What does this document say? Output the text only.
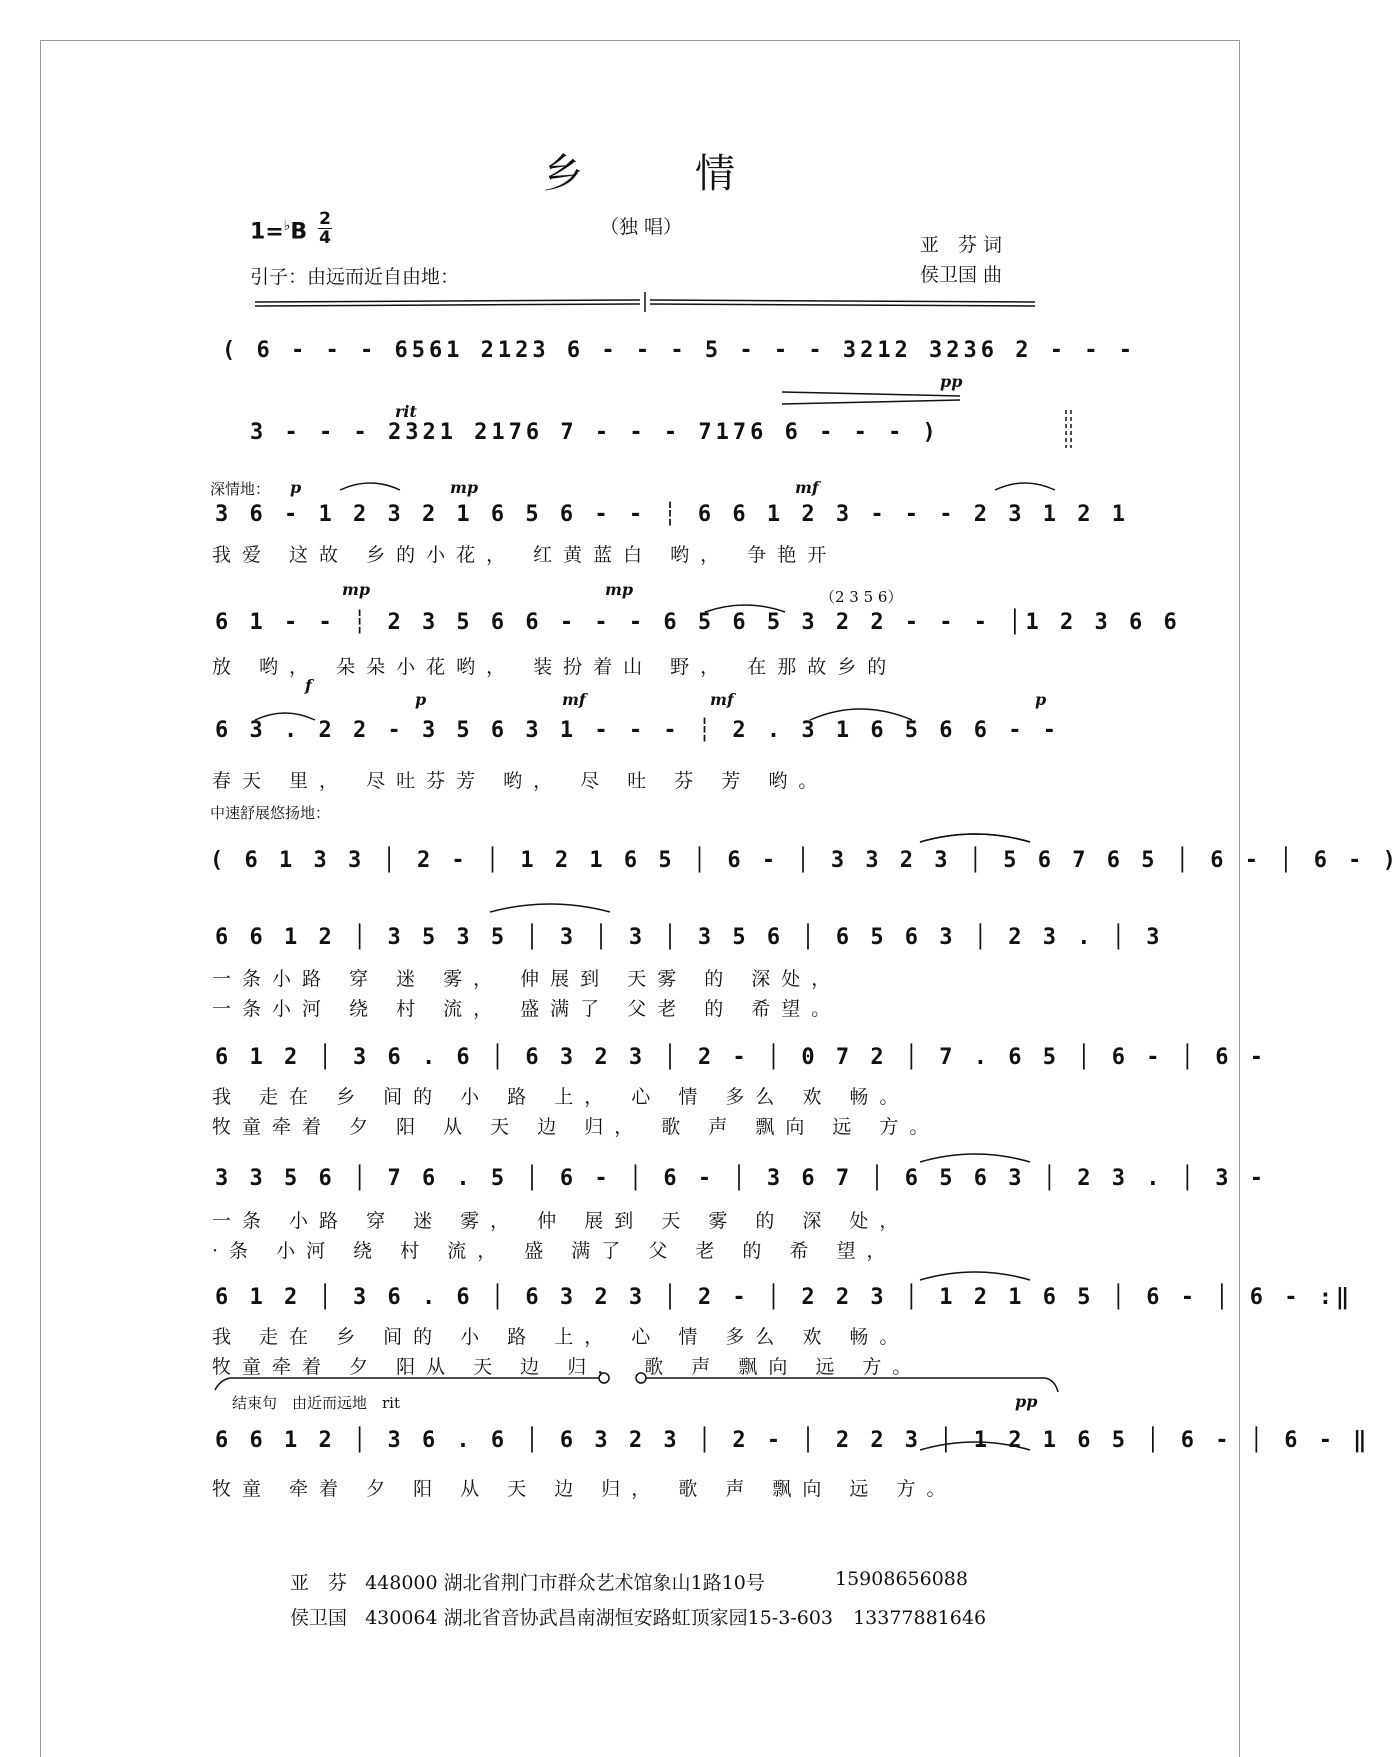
乡　情
1=♭B
2
4	（独 唱）
亚　芬 词
侯卫国 曲
引子：由远而近自由地：
rit
pp
( 6 - - - 6561 2123 6 - - - 5 - - - 3212 3236 2 - - -
3 - - - 2321 2176 7 - - - 7176 6 - - - )
深情地： p	mp	mf
3 6 - 1 2 3 2 1 6 5 6 - - ┆ 6 6 1 2 3 - - - 2 3 1 2 1
我爱 这故 乡的小花， 红黄蓝白 哟， 争艳开
mp	mp	（2 3 5 6）
6 1 - - ┆ 2 3 5 6 6 - - - 6 5 6 5 3 2 2 - - - │1 2 3 6 6
放 哟， 朵朵小花哟， 装扮着山 野， 在那故乡的
f
p	mf	mf	p
6 3 . 2 2 - 3 5 6 3 1 - - - ┆ 2 . 3 1 6 5 6 6 - -
春天 里， 尽吐芬芳 哟， 尽 吐 芬 芳 哟。
中速舒展悠扬地：
( 6 1 3 3 │ 2 - │ 1 2 1 6 5 │ 6 - │ 3 3 2 3 │ 5 6 7 6 5 │ 6 - │ 6 - )
6 6 1 2 │ 3 5 3 5 │ 3 │ 3 │ 3 5 6 │ 6 5 6 3 │ 2 3 . │ 3
一条小路 穿 迷 雾， 伸展到 天雾 的 深处，
一条小河 绕 村 流， 盛满了 父老 的 希望。
6 1 2 │ 3 6 . 6 │ 6 3 2 3 │ 2 - │ 0 7 2 │ 7 . 6 5 │ 6 - │ 6 -
我 走在 乡 间的 小 路 上， 心 情 多么 欢 畅。
牧童牵着 夕 阳 从 天 边 归， 歌 声 飘向 远 方。
3 3 5 6 │ 7 6 . 5 │ 6 - │ 6 - │ 3 6 7 │ 6 5 6 3 │ 2 3 . │ 3 -
一条 小路 穿 迷 雾， 仲 展到 天 雾 的 深 处，
·条 小河 绕 村 流， 盛 满了 父 老 的 希 望，
6 1 2 │ 3 6 . 6 │ 6 3 2 3 │ 2 - │ 2 2 3 │ 1 2 1 6 5 │ 6 - │ 6 - :‖
我 走在 乡 间的 小 路 上， 心 情 多么 欢 畅。
牧童牵着 夕 阳从 天 边 归， 歌 声 飘向 远 方。
结束句　由近而远地　rit	pp
6 6 1 2 │ 3 6 . 6 │ 6 3 2 3 │ 2 - │ 2 2 3 │ 1 2 1 6 5 │ 6 - │ 6 - ‖
牧童 牵着 夕 阳 从 天 边 归， 歌 声 飘向 远 方。
亚　芬 448000 湖北省荆门市群众艺术馆象山1路10号	15908656088
侯卫国 430064 湖北省音协武昌南湖恒安路虹顶家园15-3-603 13377881646
